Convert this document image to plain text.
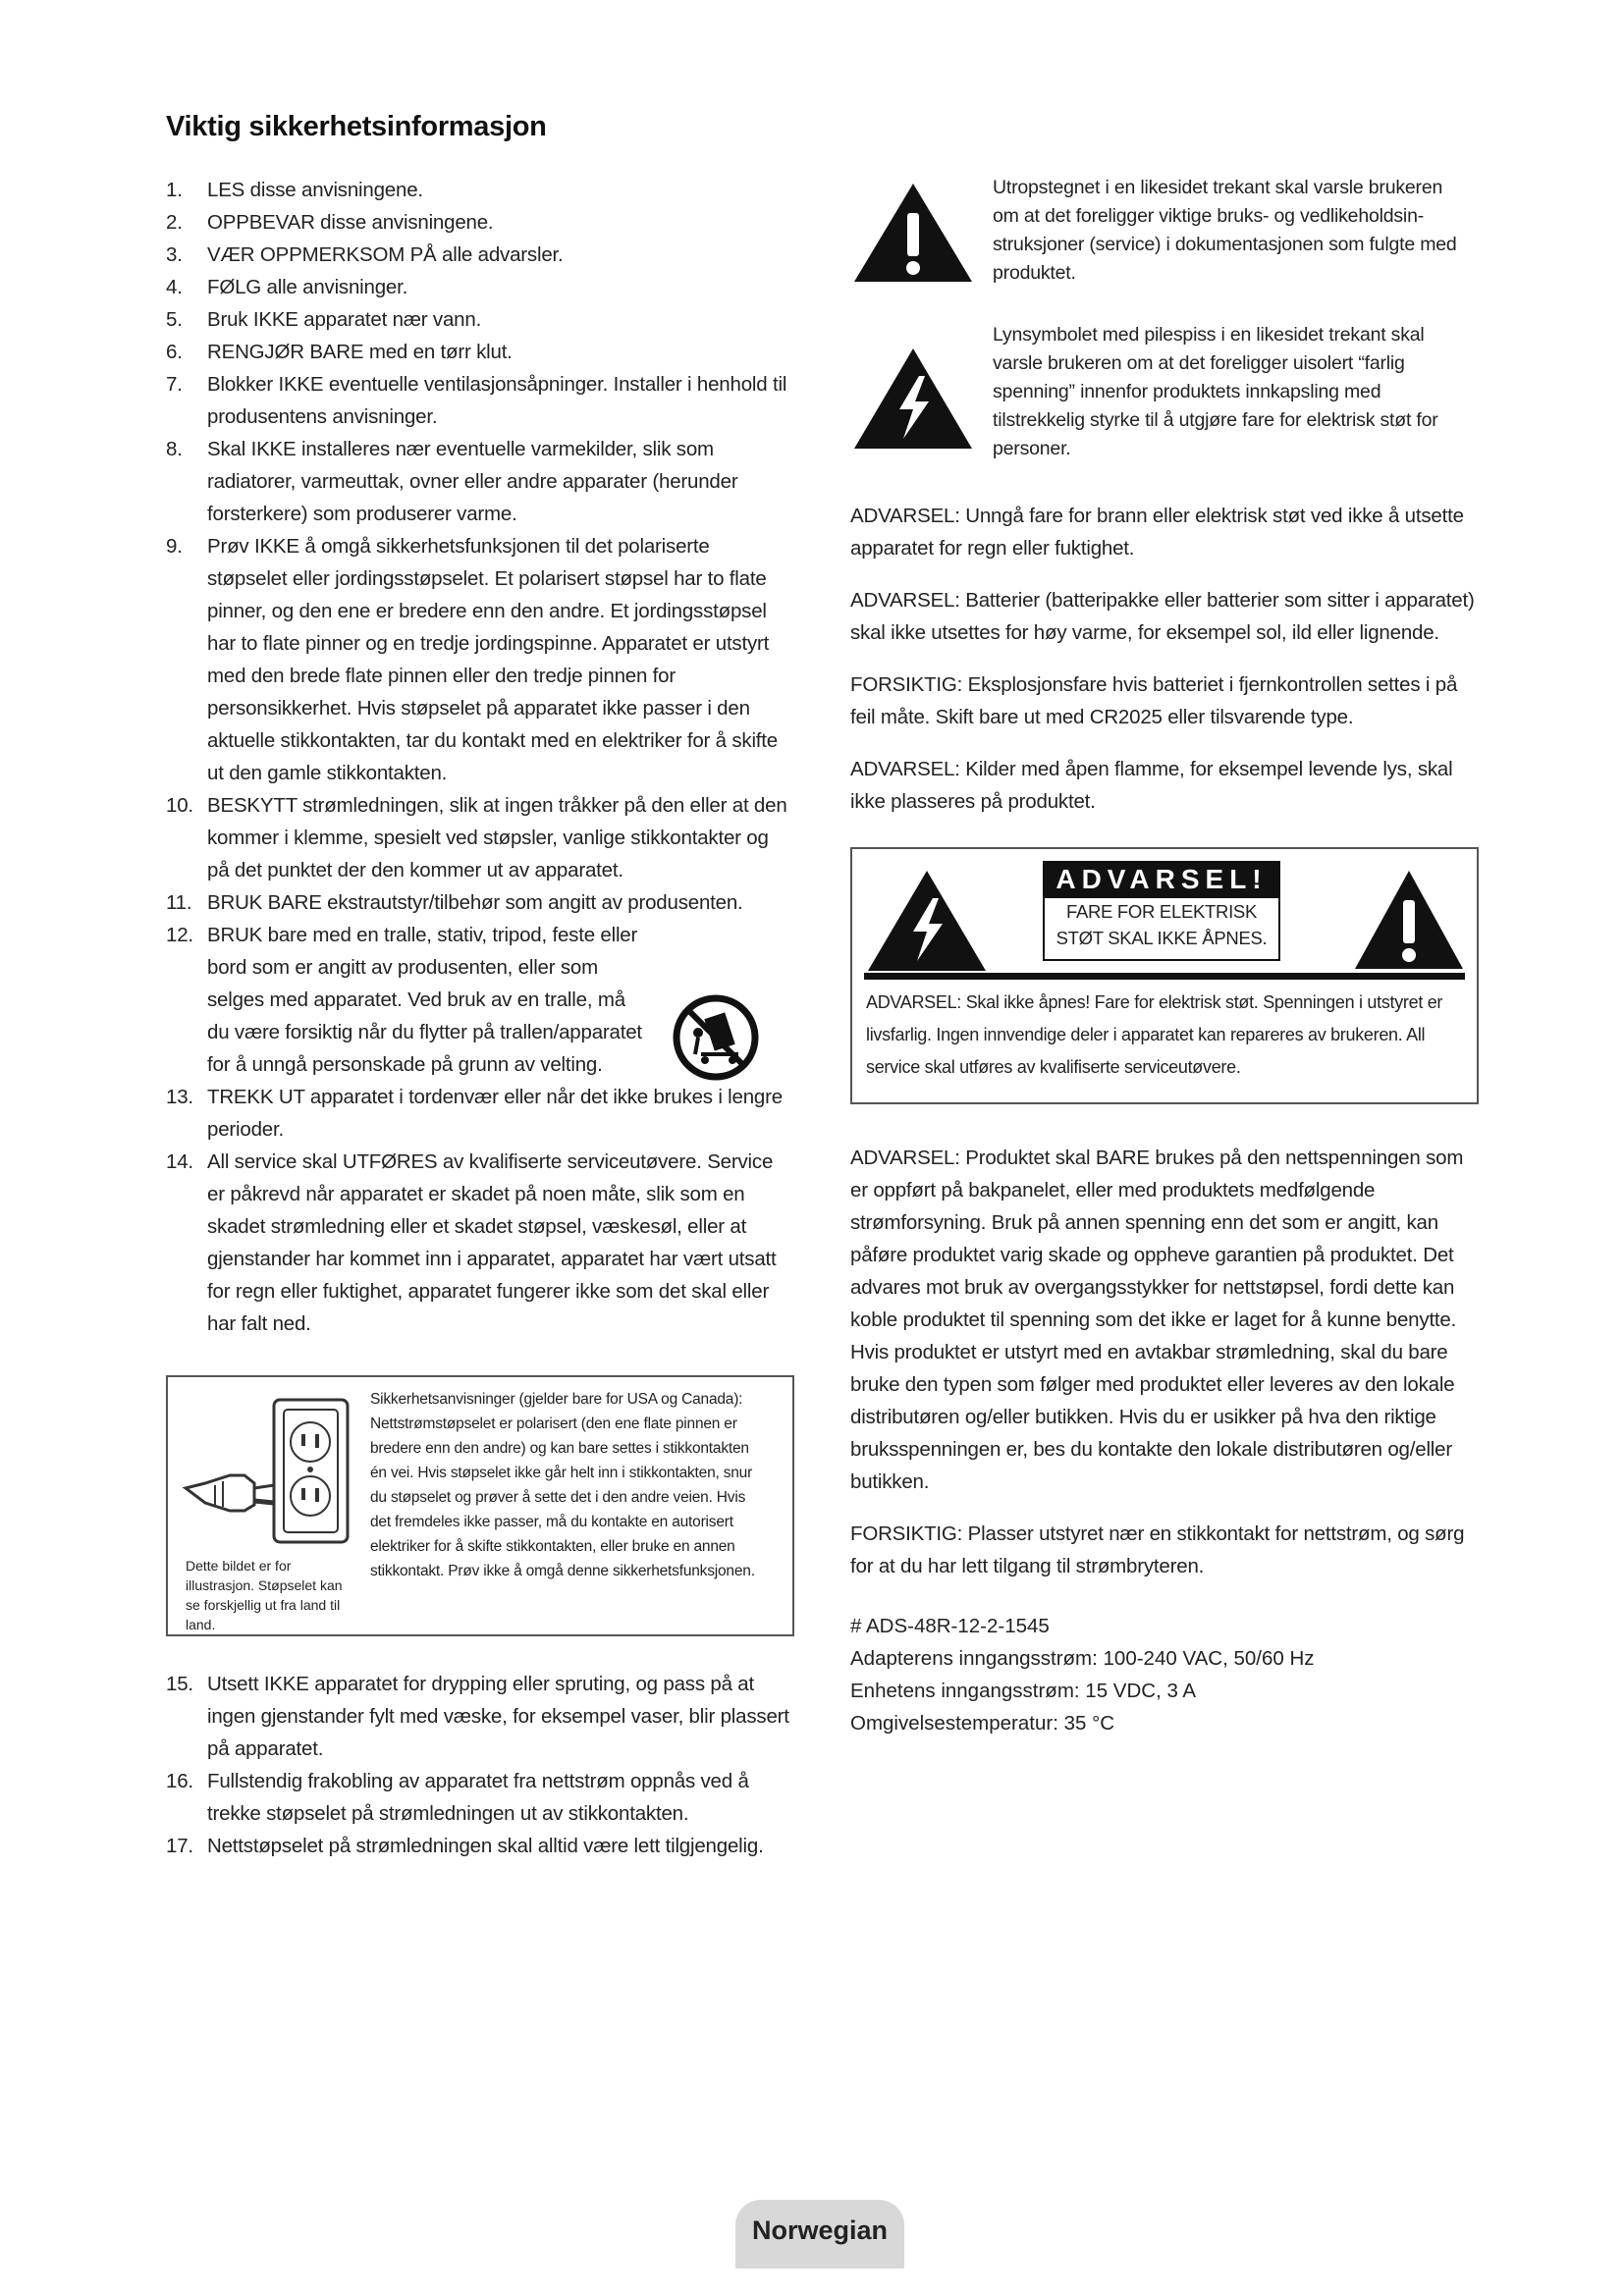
Viktig sikkerhetsinformasjon
1. LES disse anvisningene.
2. OPPBEVAR disse anvisningene.
3. VÆR OPPMERKSOM PÅ alle advarsler.
4. FØLG alle anvisninger.
5. Bruk IKKE apparatet nær vann.
6. RENGJØR BARE med en tørr klut.
7. Blokker IKKE eventuelle ventilasjonsåpninger. Installer i henhold til produsentens anvisninger.
8. Skal IKKE installeres nær eventuelle varmekilder, slik som radiatorer, varmeuttak, ovner eller andre apparater (herunder forsterkere) som produserer varme.
9. Prøv IKKE å omgå sikkerhetsfunksjonen til det polariserte støpselet eller jordingsstøpselet. Et polarisert støpsel har to flate pinner, og den ene er bredere enn den andre. Et jordingsstøpsel har to flate pinner og en tredje jordingspinne. Apparatet er utstyrt med den brede flate pinnen eller den tredje pinnen for personsikkerhet. Hvis støpselet på apparatet ikke passer i den aktuelle stikkontakten, tar du kontakt med en elektriker for å skifte ut den gamle stikkontakten.
10. BESKYTT strømledningen, slik at ingen tråkker på den eller at den kommer i klemme, spesielt ved støpsler, vanlige stikkontakter og på det punktet der den kommer ut av apparatet.
11. BRUK BARE ekstrautstyr/tilbehør som angitt av produsenten.
12. BRUK bare med en tralle, stativ, tripod, feste eller bord som er angitt av produsenten, eller som selges med apparatet. Ved bruk av en tralle, må du være forsiktig når du flytter på trallen/apparatet for å unngå personskade på grunn av velting.
13. TREKK UT apparatet i tordenvær eller når det ikke brukes i lengre perioder.
14. All service skal UTFØRES av kvalifiserte serviceutøvere. Service er påkrevd når apparatet er skadet på noen måte, slik som en skadet strømledning eller et skadet støpsel, væskesøl, eller at gjenstander har kommet inn i apparatet, apparatet har vært utsatt for regn eller fuktighet, apparatet fungerer ikke som det skal eller har falt ned.
Dette bildet er for illustrasjon. Støpselet kan se forskjellig ut fra land til land.
Sikkerhetsanvisninger (gjelder bare for USA og Canada): Nettstrømstøpselet er polarisert (den ene flate pinnen er bredere enn den andre) og kan bare settes i stikkontakten én vei. Hvis støpselet ikke går helt inn i stikkontakten, snur du støpselet og prøver å sette det i den andre veien. Hvis det fremdeles ikke passer, må du kontakte en autorisert elektriker for å skifte stikkontakten, eller bruke en annen stikkontakt. Prøv ikke å omgå denne sikkerhetsfunksjonen.
15. Utsett IKKE apparatet for drypping eller spruting, og pass på at ingen gjenstander fylt med væske, for eksempel vaser, blir plassert på apparatet.
16. Fullstendig frakobling av apparatet fra nettstrøm oppnås ved å trekke støpselet på strømledningen ut av stikkontakten.
17. Nettstøpselet på strømledningen skal alltid være lett tilgjengelig.
Utropstegnet i en likesidet trekant skal varsle brukeren om at det foreligger viktige bruks- og vedlikeholdsinstruksjoner (service) i dokumentasjonen som fulgte med produktet.
Lynsymbolet med pilespiss i en likesidet trekant skal varsle brukeren om at det foreligger uisolert “farlig spenning” innenfor produktets innkapsling med tilstrekkelig styrke til å utgjøre fare for elektrisk støt for personer.

ADVARSEL: Unngå fare for brann eller elektrisk støt ved ikke å utsette apparatet for regn eller fuktighet.

ADVARSEL: Batterier (batteripakke eller batterier som sitter i apparatet) skal ikke utsettes for høy varme, for eksempel sol, ild eller lignende.

FORSIKTIG: Eksplosjonsfare hvis batteriet i fjernkontrollen settes i på feil måte. Skift bare ut med CR2025 eller tilsvarende type.

ADVARSEL: Kilder med åpen flamme, for eksempel levende lys, skal ikke plasseres på produktet.

ADVARSEL!
FARE FOR ELEKTRISK STØT SKAL IKKE ÅPNES.
ADVARSEL: Skal ikke åpnes! Fare for elektrisk støt. Spenningen i utstyret er livsfarlig. Ingen innvendige deler i apparatet kan repareres av brukeren. All service skal utføres av kvalifiserte serviceutøvere.

ADVARSEL: Produktet skal BARE brukes på den nettspenningen som er oppført på bakpanelet, eller med produktets medfølgende strømforsyning. Bruk på annen spenning enn det som er angitt, kan påføre produktet varig skade og oppheve garantien på produktet. Det advares mot bruk av overgangsstykker for nettstøpsel, fordi dette kan koble produktet til spenning som det ikke er laget for å kunne benytte. Hvis produktet er utstyrt med en avtakbar strømledning, skal du bare bruke den typen som følger med produktet eller leveres av den lokale distributøren og/eller butikken. Hvis du er usikker på hva den riktige bruksspenningen er, bes du kontakte den lokale distributøren og/eller butikken.

FORSIKTIG: Plasser utstyret nær en stikkontakt for nettstrøm, og sørg for at du har lett tilgang til strømbryteren.

# ADS-48R-12-2-1545

Adapterens inngangsstrøm: 100-240 VAC, 50/60 Hz

Enhetens inngangsstrøm: 15 VDC, 3 A

Omgivelsestemperatur: 35 °C

Norwegian
